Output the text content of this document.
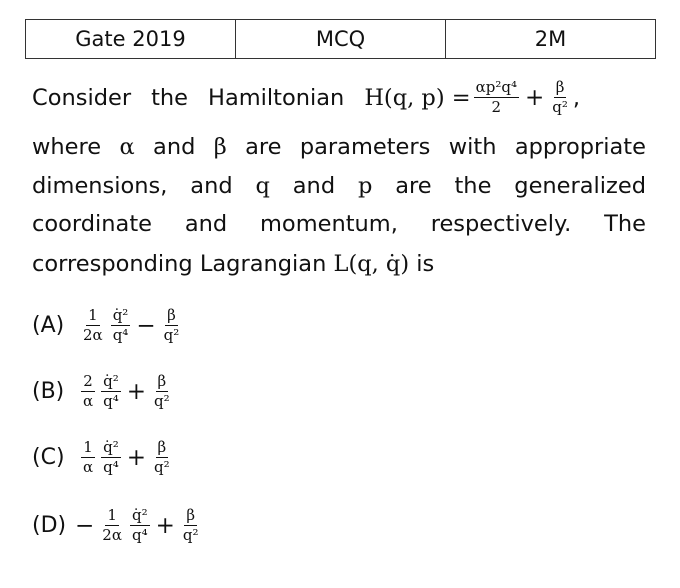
Gate 2019	MCQ	2M
Consider the Hamiltonian H(q, $p) = \frac{\text{αp²q⁴}}{2} + \frac{\beta}{\text{q²}}$ ,
where α and β are parameters with appropriate
dimensions, and q and p are the generalized
coordinate and momentum, respectively. The
corresponding Lagrangian L(q, q̇) is
(A)	$\frac{1}{2\alpha} \frac{\text{q̇²}}{\text{q⁴}} - \frac{\beta}{\text{q²}}$
(B)	$\frac{2}{\alpha} \frac{\text{q̇²}}{\text{q⁴}} + \frac{\beta}{\text{q²}}$
(C)	$\frac{1}{\alpha} \frac{\text{q̇²}}{\text{q⁴}} + \frac{\beta}{\text{q²}}$
$(D) - \frac{1}{2\alpha} \frac{\text{q̇²}}{\text{q⁴}} + \frac{\beta}{\text{q²}}$
